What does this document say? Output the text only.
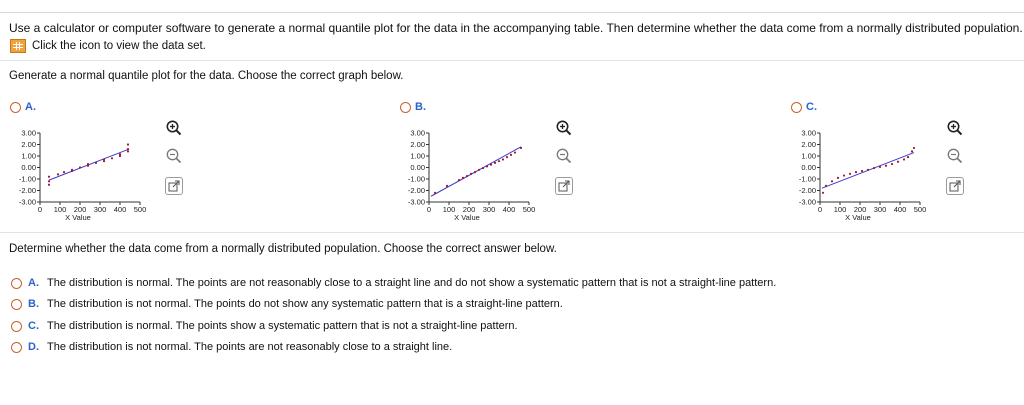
Use a calculator or computer software to generate a normal quantile plot for the data in the accompanying table. Then determine whether the data come from a normally distributed population.
Click the icon to view the data set.
Generate a normal quantile plot for the data. Choose the correct graph below.
A.	B.	C.
3.00
2.00
1.00
0.00
-1.00
-2.00
-3.00
0 100 200 300 400 500
X Value
3.00
2.00
1.00
0.00
-1.00
-2.00
-3.00
0 100 200 300 400 500
X Value
3.00
2.00
1.00
0.00
-1.00
-2.00
-3.00
0 100 200 300 400 500
X Value
Determine whether the data come from a normally distributed population. Choose the correct answer below.
A. The distribution is normal. The points are not reasonably close to a straight line and do not show a systematic pattern that is not a straight-line pattern.
B. The distribution is not normal. The points do not show any systematic pattern that is a straight-line pattern.
C. The distribution is normal. The points show a systematic pattern that is not a straight-line pattern.
D. The distribution is not normal. The points are not reasonably close to a straight line.
